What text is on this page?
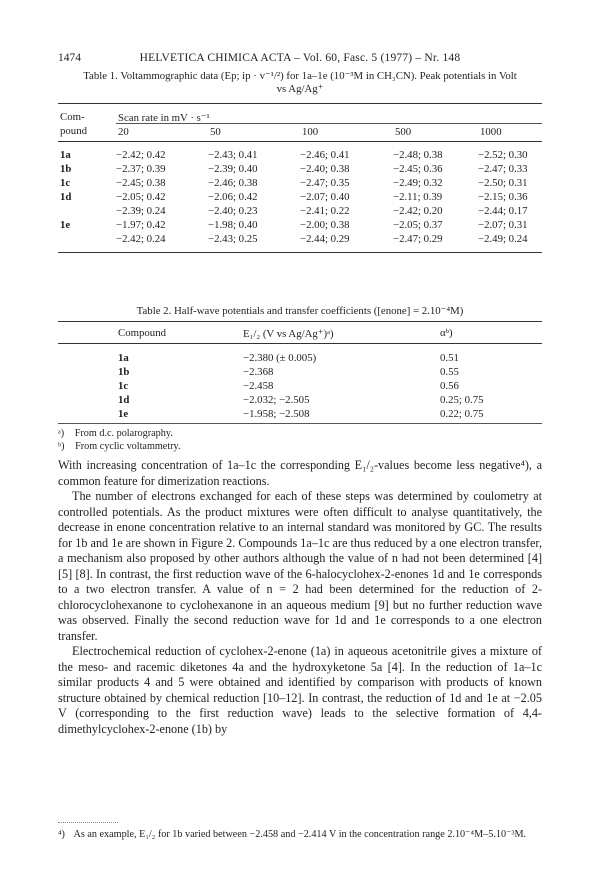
1474	HELVETICA CHIMICA ACTA – Vol. 60, Fasc. 5 (1977) – Nr. 148
Table 1. Voltammographic data (Ep; ip · v⁻¹/²) for 1a–1e (10⁻³M in CH₃CN). Peak potentials in Volt
vs Ag/Ag⁺
Com-
pound
Scan rate in mV · s⁻¹
20	50	100	500	1000
1a	−2.42; 0.42	−2.43; 0.41	−2.46; 0.41	−2.48; 0.38	−2.52; 0.30
1b	−2.37; 0.39	−2.39; 0.40	−2.40; 0.38	−2.45; 0.36	−2.47; 0.33
1c	−2.45; 0.38	−2.46; 0.38	−2.47; 0.35	−2.49; 0.32	−2.50; 0.31
1d	−2.05; 0.42	−2.06; 0.42	−2.07; 0.40	−2.11; 0.39	−2.15; 0.36
−2.39; 0.24	−2.40; 0.23	−2.41; 0.22	−2.42; 0.20	−2.44; 0.17
1e	−1.97; 0.42	−1.98; 0.40	−2.00; 0.38	−2.05; 0.37	−2.07; 0.31
−2.42; 0.24	−2.43; 0.25	−2.44; 0.29	−2.47; 0.29	−2.49; 0.24
Table 2. Half-wave potentials and transfer coefficients ([enone] = 2.10⁻⁴M)
Compound	E₁/₂ (V vs Ag/Ag⁺)ᵃ)	αᵇ)
1a	−2.380 (± 0.005)	0.51
1b	−2.368	0.55
1c	−2.458	0.56
1d	−2.032; −2.505	0.25; 0.75
1e	−1.958; −2.508	0.22; 0.75
ᵃ) From d.c. polarography.
ᵇ) From cyclic voltammetry.

With increasing concentration of 1a–1c the corresponding E₁/₂-values become less negative⁴), a common feature for dimerization reactions.

The number of electrons exchanged for each of these steps was determined by coulometry at controlled potentials. As the product mixtures were often difficult to analyse quantitatively, the decrease in enone concentration relative to an internal standard was monitored by GC. The results for 1b and 1e are shown in Figure 2. Compounds 1a–1c are thus reduced by a one electron transfer, a mechanism also proposed by other authors although the value of n had not been determined [4] [5] [8]. In contrast, the first reduction wave of the 6-halocyclohex-2-enones 1d and 1e corresponds to a two electron transfer. A value of n = 2 had been determined for the reduction of 2-chlorocyclohexanone to cyclohexanone in an aqueous medium [9] but no further reduction wave was observed. Finally the second reduction wave for 1d and 1e corresponds to a one electron transfer.

Electrochemical reduction of cyclohex-2-enone (1a) in aqueous acetonitrile gives a mixture of the meso- and racemic diketones 4a and the hydroxyketone 5a [4]. In the reduction of 1a–1c similar products 4 and 5 were obtained and identified by comparison with products of known structure obtained by chemical reduction [10–12]. In contrast, the reduction of 1d and 1e at −2.05 V (corresponding to the first reduction wave) leads to the selective formation of 4,4-dimethylcyclohex-2-enone (1b) by

⁴) As an example, E₁/₂ for 1b varied between −2.458 and −2.414 V in the concentration range 2.10⁻⁴M–5.10⁻³M.
